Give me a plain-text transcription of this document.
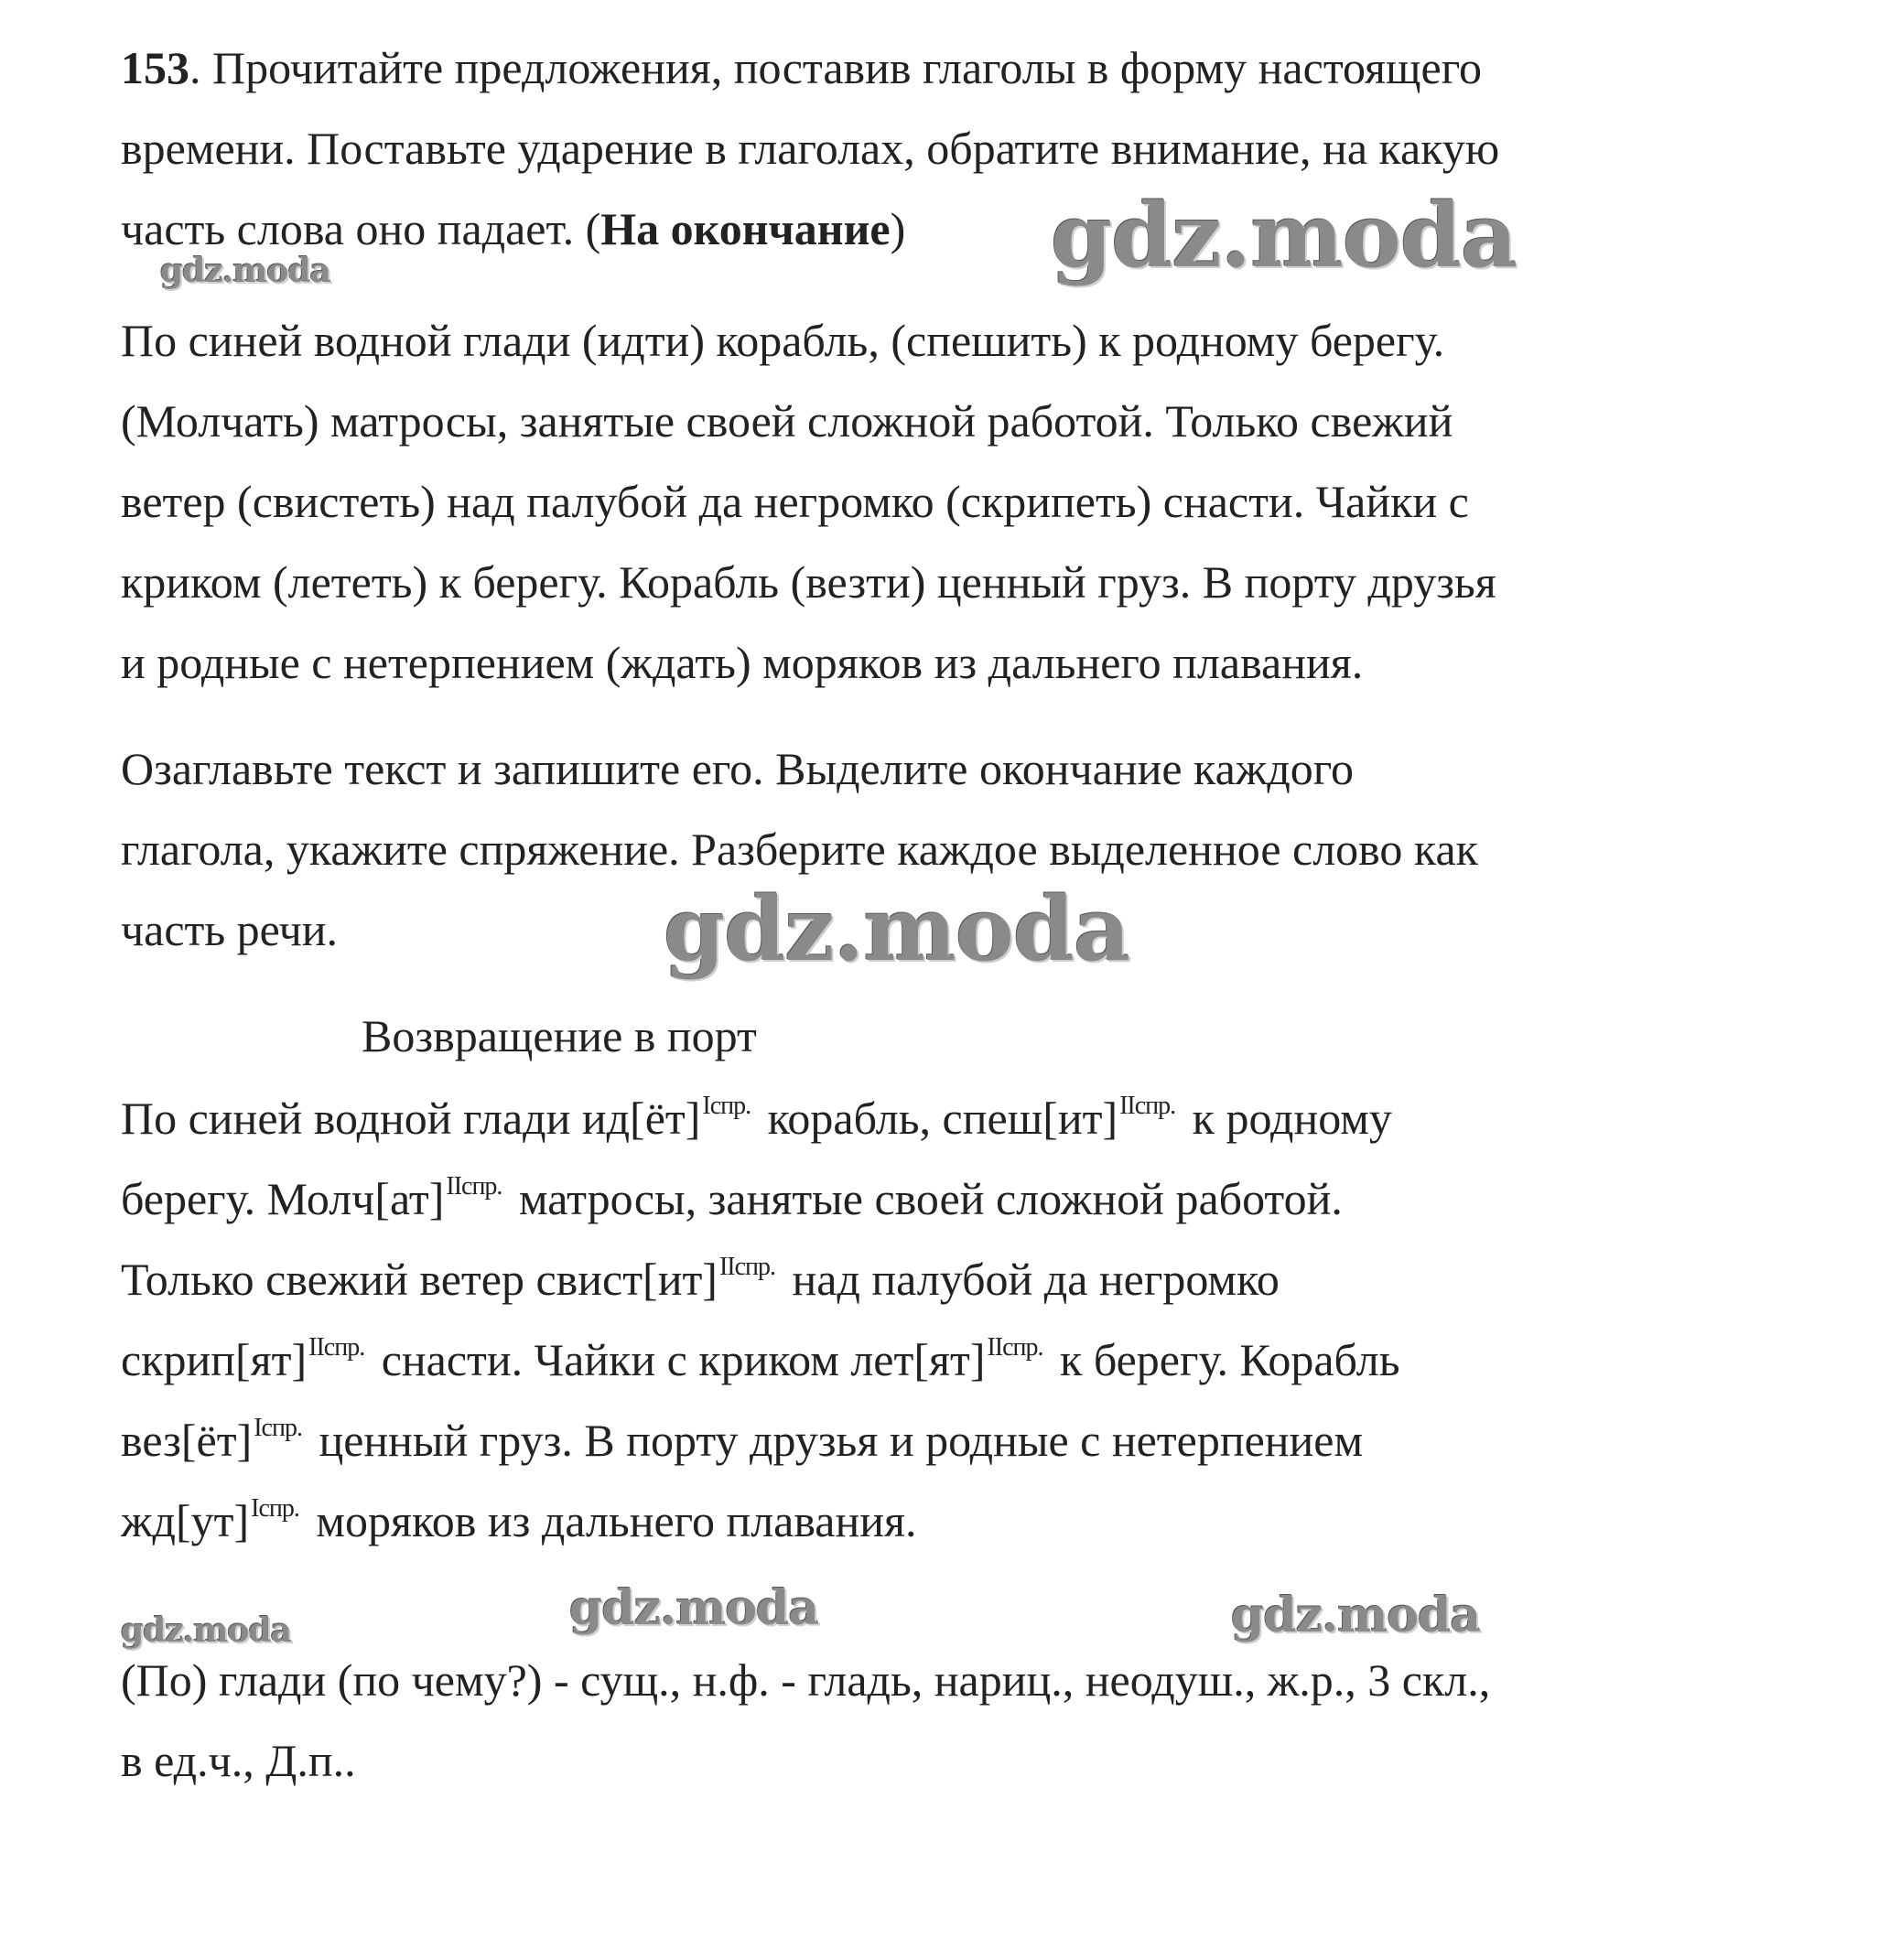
153. Прочитайте предложения, поставив глаголы в форму настоящего
времени. Поставьте ударение в глаголах, обратите внимание, на какую
часть слова оно падает. (На окончание)
По синей водной глади (идти) корабль, (спешить) к родному берегу.
(Молчать) матросы, занятые своей сложной работой. Только свежий
ветер (свистеть) над палубой да негромко (скрипеть) снасти. Чайки с
криком (лететь) к берегу. Корабль (везти) ценный груз. В порту друзья
и родные с нетерпением (ждать) моряков из дальнего плавания.
Озаглавьте текст и запишите его. Выделите окончание каждого
глагола, укажите спряжение. Разберите каждое выделенное слово как
часть речи.
Возвращение в порт
По синей водной глади ид[ёт]$^{Iспр.}$ корабль, спеш[ит]$^{IIспр.}$ к родному
берегу. Молч[ат]$^{IIспр.}$ матросы, занятые своей сложной работой.
Только свежий ветер свист[ит]$^{IIспр.}$ над палубой да негромко
скрип[ят]$^{IIспр.}$ снасти. Чайки с криком лет[ят]$^{IIспр.}$ к берегу. Корабль
вез[ёт]$^{Iспр.}$ ценный груз. В порту друзья и родные с нетерпением
жд[ут]$^{Iспр.}$ моряков из дальнего плавания.
(По) глади (по чему?) - сущ., н.ф. - гладь, нариц., неодуш., ж.р., 3 скл.,
в ед.ч., Д.п..
gdz.moda
gdz.moda
gdz.moda
gdz.moda	gdz.moda
gdz.moda
